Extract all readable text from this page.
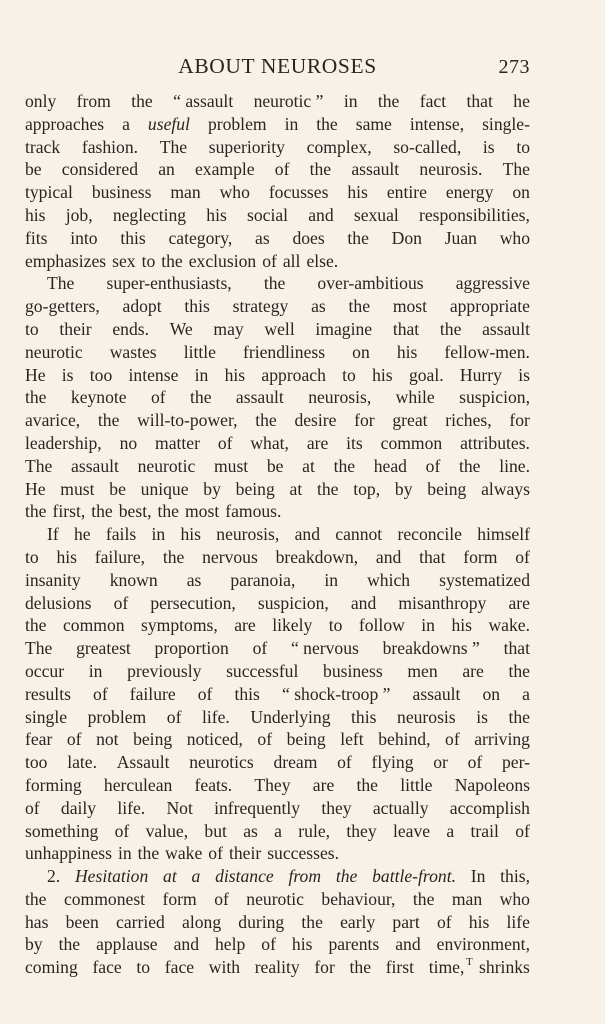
ABOUT NEUROSES	273
only from the “ assault neurotic ” in the fact that he
approaches a useful problem in the same intense, single-
track fashion. The superiority complex, so-called, is to
be considered an example of the assault neurosis. The
typical business man who focusses his entire energy on
his job, neglecting his social and sexual responsibilities,
fits into this category, as does the Don Juan who
emphasizes sex to the exclusion of all else.
The super-enthusiasts, the over-ambitious aggressive
go-getters, adopt this strategy as the most appropriate
to their ends. We may well imagine that the assault
neurotic wastes little friendliness on his fellow-men.
He is too intense in his approach to his goal. Hurry is
the keynote of the assault neurosis, while suspicion,
avarice, the will-to-power, the desire for great riches, for
leadership, no matter of what, are its common attributes.
The assault neurotic must be at the head of the line.
He must be unique by being at the top, by being always
the first, the best, the most famous.
If he fails in his neurosis, and cannot reconcile himself
to his failure, the nervous breakdown, and that form of
insanity known as paranoia, in which systematized
delusions of persecution, suspicion, and misanthropy are
the common symptoms, are likely to follow in his wake.
The greatest proportion of “ nervous breakdowns ” that
occur in previously successful business men are the
results of failure of this “ shock-troop ” assault on a
single problem of life. Underlying this neurosis is the
fear of not being noticed, of being left behind, of arriving
too late. Assault neurotics dream of flying or of per-
forming herculean feats. They are the little Napoleons
of daily life. Not infrequently they actually accomplish
something of value, but as a rule, they leave a trail of
unhappiness in the wake of their successes.
2. Hesitation at a distance from the battle-front. In this,
the commonest form of neurotic behaviour, the man who
has been carried along during the early part of his life
by the applause and help of his parents and environment,
coming face to face with reality for the first time, shrinks
T
